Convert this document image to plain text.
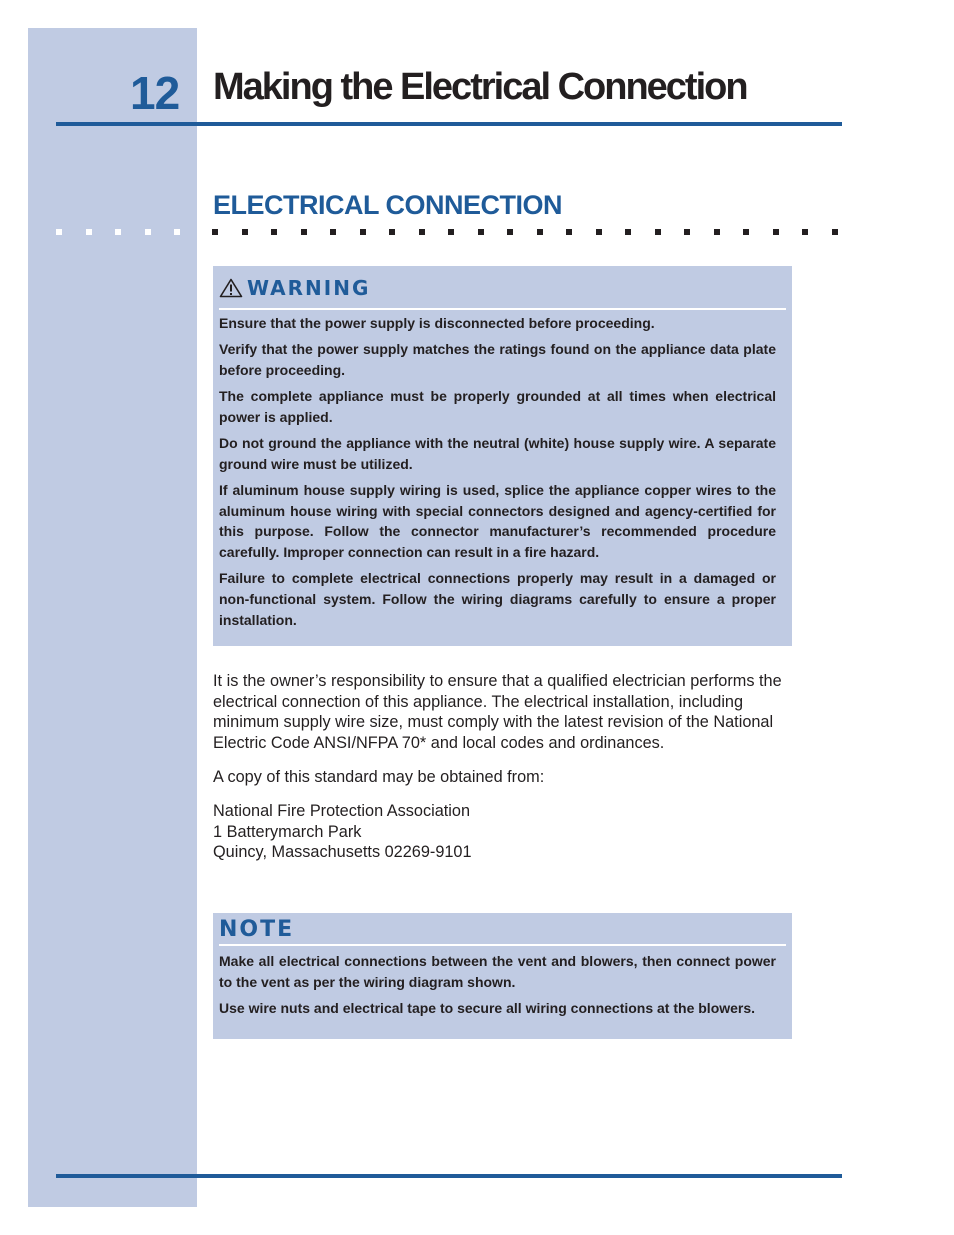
12 Making the Electrical Connection
ELECTRICAL CONNECTION
WARNING

Ensure that the power supply is disconnected before proceeding.

Verify that the power supply matches the ratings found on the appliance data plate before proceeding.

The complete appliance must be properly grounded at all times when electrical power is applied.

Do not ground the appliance with the neutral (white) house supply wire. A separate ground wire must be utilized.

If aluminum house supply wiring is used, splice the appliance copper wires to the aluminum house wiring with special connectors designed and agency-certified for this purpose. Follow the connector manufacturer’s recommended procedure carefully. Improper connection can result in a fire hazard.

Failure to complete electrical connections properly may result in a damaged or non-functional system. Follow the wiring diagrams carefully to ensure a proper installation.

It is the owner’s responsibility to ensure that a qualified electrician performs the electrical connection of this appliance. The electrical installation, including minimum supply wire size, must comply with the latest revision of the National Electric Code ANSI/NFPA 70* and local codes and ordinances.
A copy of this standard may be obtained from:

National Fire Protection Association

1 Batterymarch Park

Quincy, Massachusetts 02269-9101

NOTE

Make all electrical connections between the vent and blowers, then connect power to the vent as per the wiring diagram shown.

Use wire nuts and electrical tape to secure all wiring connections at the blowers.
